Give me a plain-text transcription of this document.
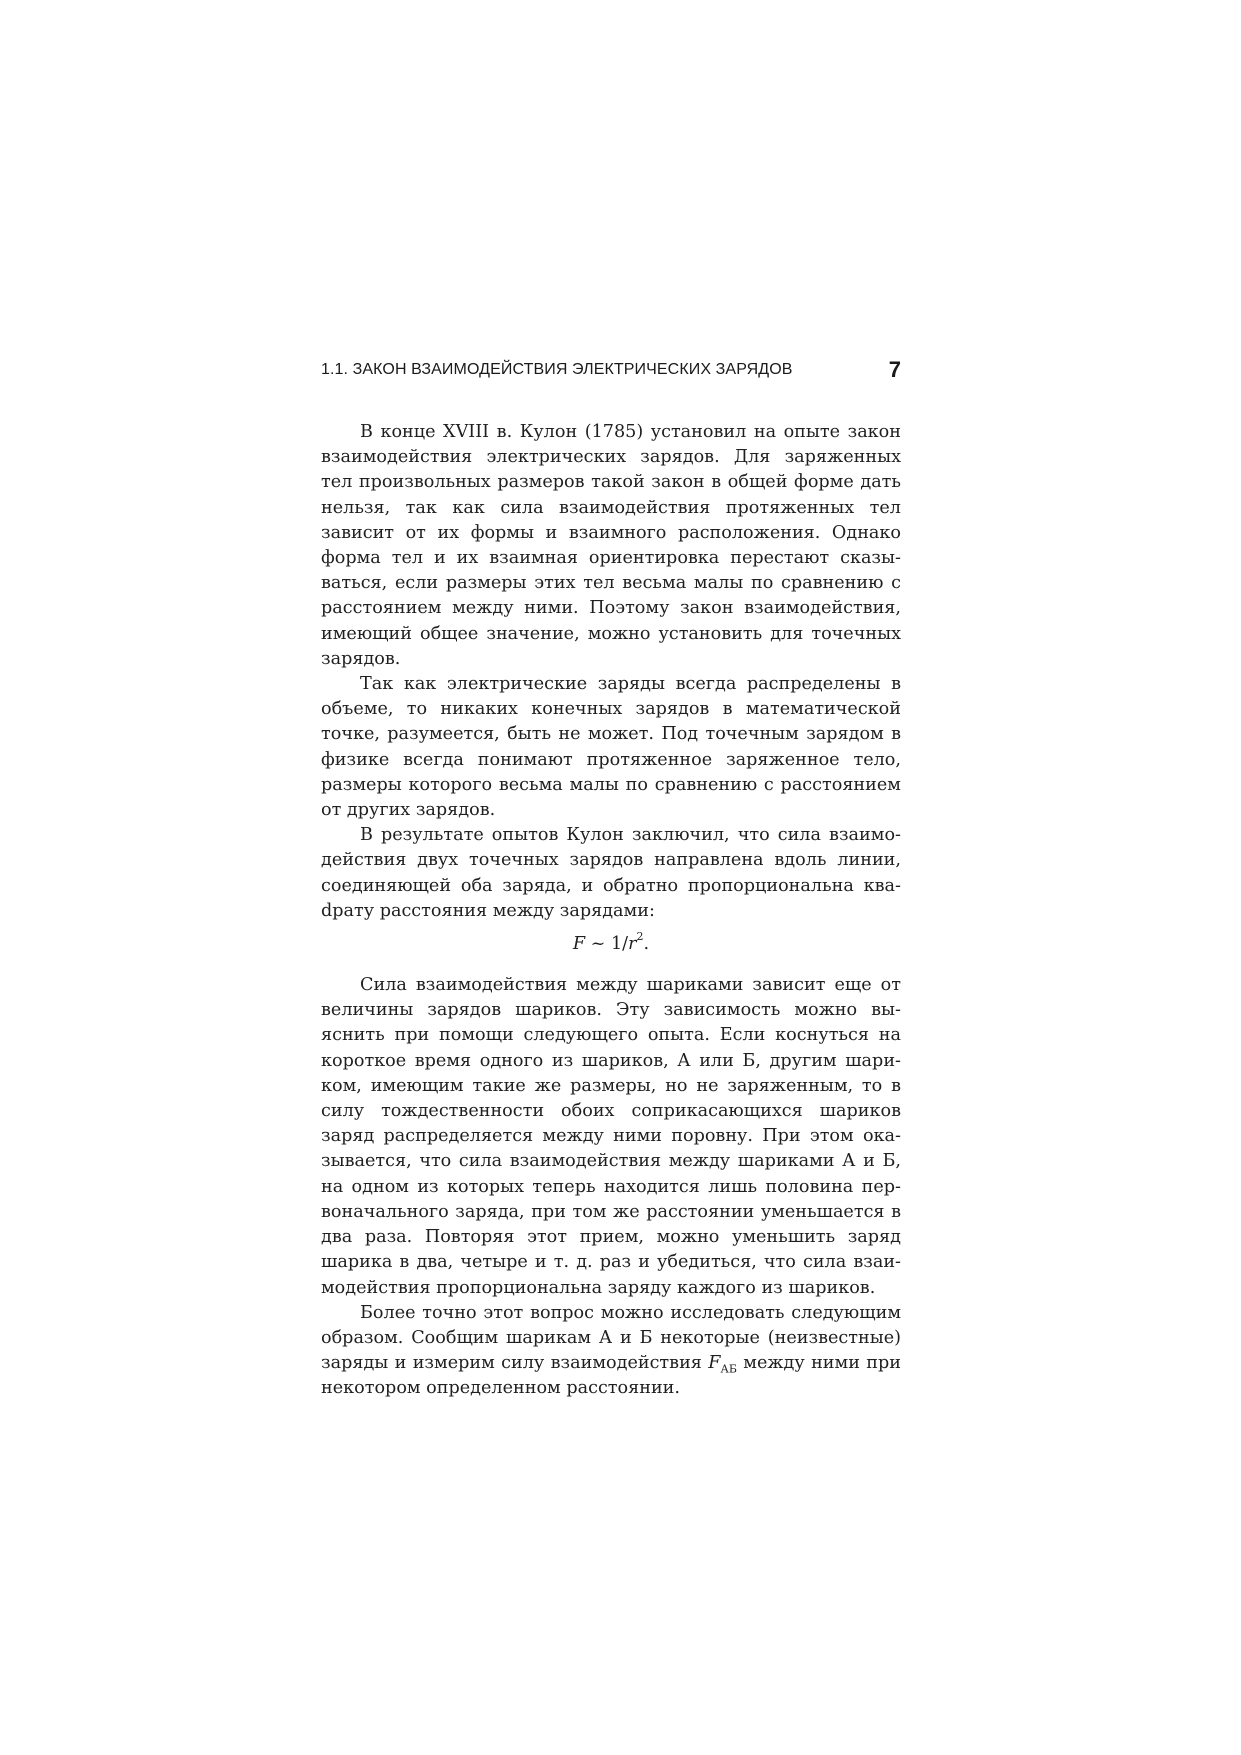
1.1. ЗАКОН ВЗАИМОДЕЙСТВИЯ ЭЛЕКТРИЧЕСКИХ ЗАРЯДОВ	7

В конце XVIII в. Кулон (1785) установил на опыте закон взаимодействия электрических зарядов. Для заряженных тел произвольных размеров такой закон в общей форме дать нельзя, так как сила взаимодействия протяженных тел зависит от их формы и взаимного расположения. Однако форма тел и их взаимная ориентировка перестают сказываться, если размеры этих тел весьма малы по сравнению с расстоянием между ними. Поэтому закон взаимодействия, имеющий общее значение, можно установить для точечных зарядов.

Так как электрические заряды всегда распределены в объеме, то никаких конечных зарядов в математической точке, разумеется, быть не может. Под точечным зарядом в физике всегда понимают протяженное заряженное тело, размеры которого весьма малы по сравнению с расстоянием от других зарядов.

В результате опытов Кулон заключил, что сила взаимодействия двух точечных зарядов направлена вдоль линии, соединяющей оба заряда, и обратно пропорциональна кваdрату расстояния между зарядами:

F ~ $1/r^2$.

Сила взаимодействия между шариками зависит еще от величины зарядов шариков. Эту зависимость можно выяснить при помощи следующего опыта. Если коснуться на короткое время одного из шариков, А или Б, другим шариком, имеющим такие же размеры, но не заряженным, то в силу тождественности обоих соприкасающихся шариков заряд распределяется между ними поровну. При этом оказывается, что сила взаимодействия между шариками А и Б, на одном из которых теперь находится лишь половина первоначального заряда, при том же расстоянии уменьшается в два раза. Повторяя этот прием, можно уменьшить заряд шарика в два, четыре и т. д. раз и убедиться, что сила взаимодействия пропорциональна заряду каждого из шариков.

Более точно этот вопрос можно исследовать следующим образом. Сообщим шарикам А и Б некоторые (неизвестные) заряды и измерим силу взаимодействия $F_{АБ}$ между ними при некотором определенном расстоянии.
